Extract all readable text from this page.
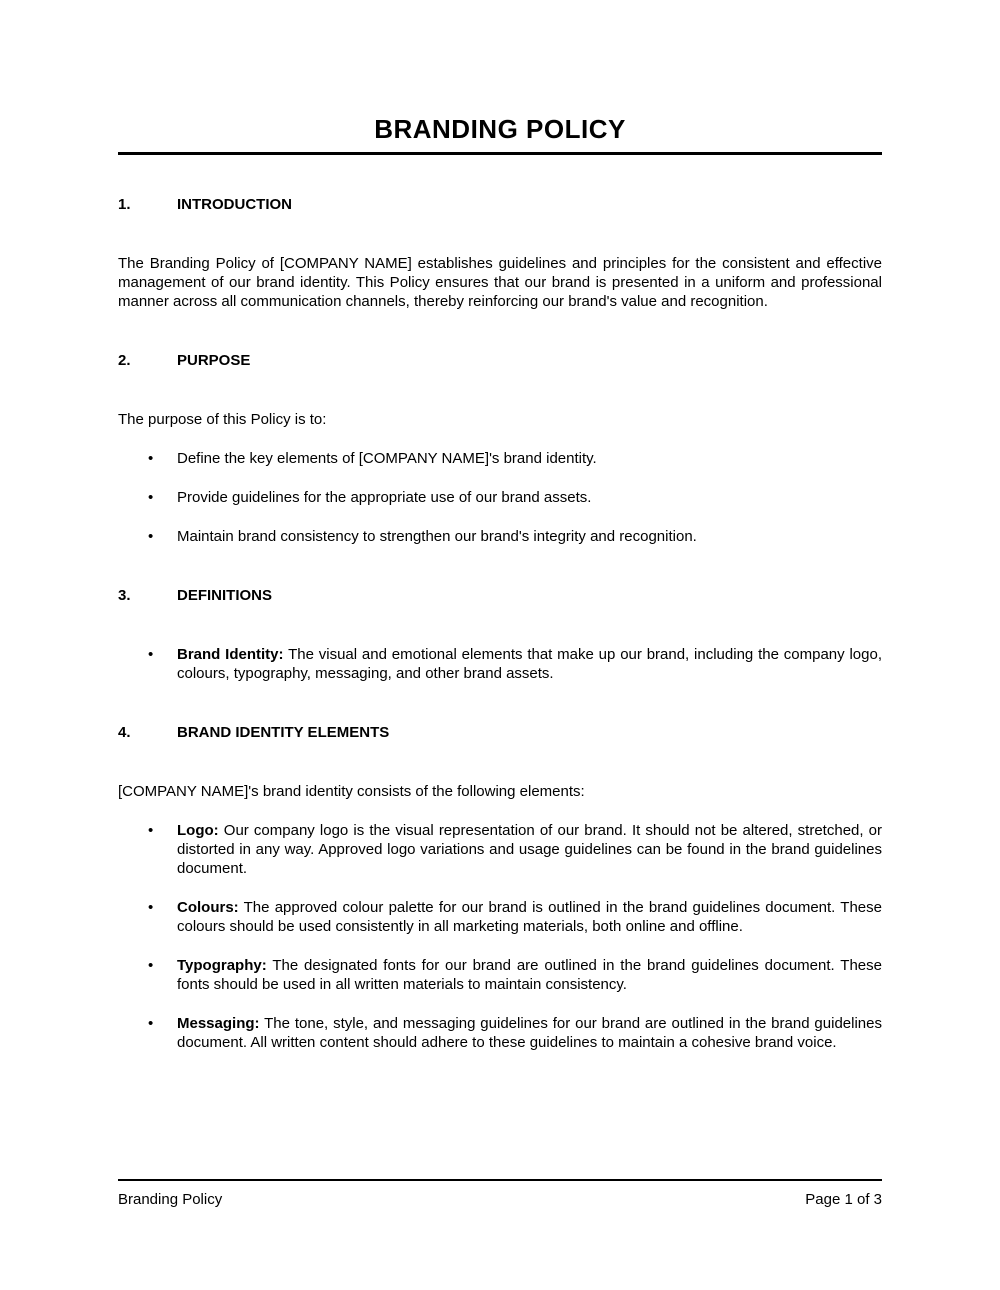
BRANDING POLICY
1.	INTRODUCTION

The Branding Policy of [COMPANY NAME] establishes guidelines and principles for the consistent and effective management of our brand identity. This Policy ensures that our brand is presented in a uniform and professional manner across all communication channels, thereby reinforcing our brand's value and recognition.

2.	PURPOSE

The purpose of this Policy is to:

• Define the key elements of [COMPANY NAME]'s brand identity.
• Provide guidelines for the appropriate use of our brand assets.
• Maintain brand consistency to strengthen our brand's integrity and recognition.
3.	DEFINITIONS
• Brand Identity: The visual and emotional elements that make up our brand, including the company logo, colours, typography, messaging, and other brand assets.
4.	BRAND IDENTITY ELEMENTS

[COMPANY NAME]'s brand identity consists of the following elements:

• Logo: Our company logo is the visual representation of our brand. It should not be altered, stretched, or distorted in any way. Approved logo variations and usage guidelines can be found in the brand guidelines document.
• Colours: The approved colour palette for our brand is outlined in the brand guidelines document. These colours should be used consistently in all marketing materials, both online and offline.
• Typography: The designated fonts for our brand are outlined in the brand guidelines document. These fonts should be used in all written materials to maintain consistency.
• Messaging: The tone, style, and messaging guidelines for our brand are outlined in the brand guidelines document. All written content should adhere to these guidelines to maintain a cohesive brand voice.
Branding Policy	Page 1 of 3
